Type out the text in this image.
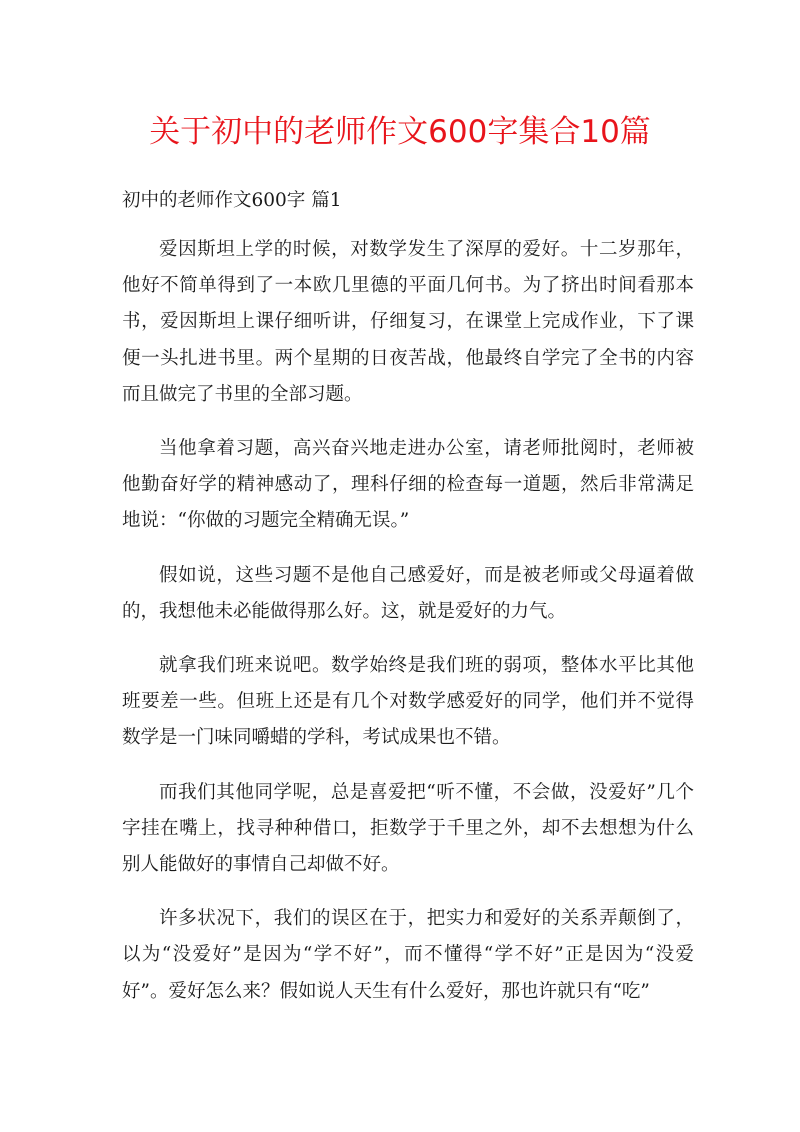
关于初中的老师作文600字集合10篇
初中的老师作文600字 篇1

爱因斯坦上学的时候，对数学发生了深厚的爱好。十二岁那年，他好不简单得到了一本欧几里德的平面几何书。为了挤出时间看那本书，爱因斯坦上课仔细听讲，仔细复习，在课堂上完成作业，下了课便一头扎进书里。两个星期的日夜苦战，他最终自学完了全书的内容而且做完了书里的全部习题。

当他拿着习题，高兴奋兴地走进办公室，请老师批阅时，老师被他勤奋好学的精神感动了，理科仔细的检查每一道题，然后非常满足地说：“你做的习题完全精确无误。”

假如说，这些习题不是他自己感爱好，而是被老师或父母逼着做的，我想他未必能做得那么好。这，就是爱好的力气。

就拿我们班来说吧。数学始终是我们班的弱项，整体水平比其他班要差一些。但班上还是有几个对数学感爱好的同学，他们并不觉得数学是一门味同嚼蜡的学科，考试成果也不错。

而我们其他同学呢，总是喜爱把“听不懂，不会做，没爱好”几个字挂在嘴上，找寻种种借口，拒数学于千里之外，却不去想想为什么别人能做好的事情自己却做不好。

许多状况下，我们的误区在于，把实力和爱好的关系弄颠倒了，以为“没爱好”是因为“学不好”，而不懂得“学不好”正是因为“没爱好”。爱好怎么来？假如说人天生有什么爱好，那也许就只有“吃”
